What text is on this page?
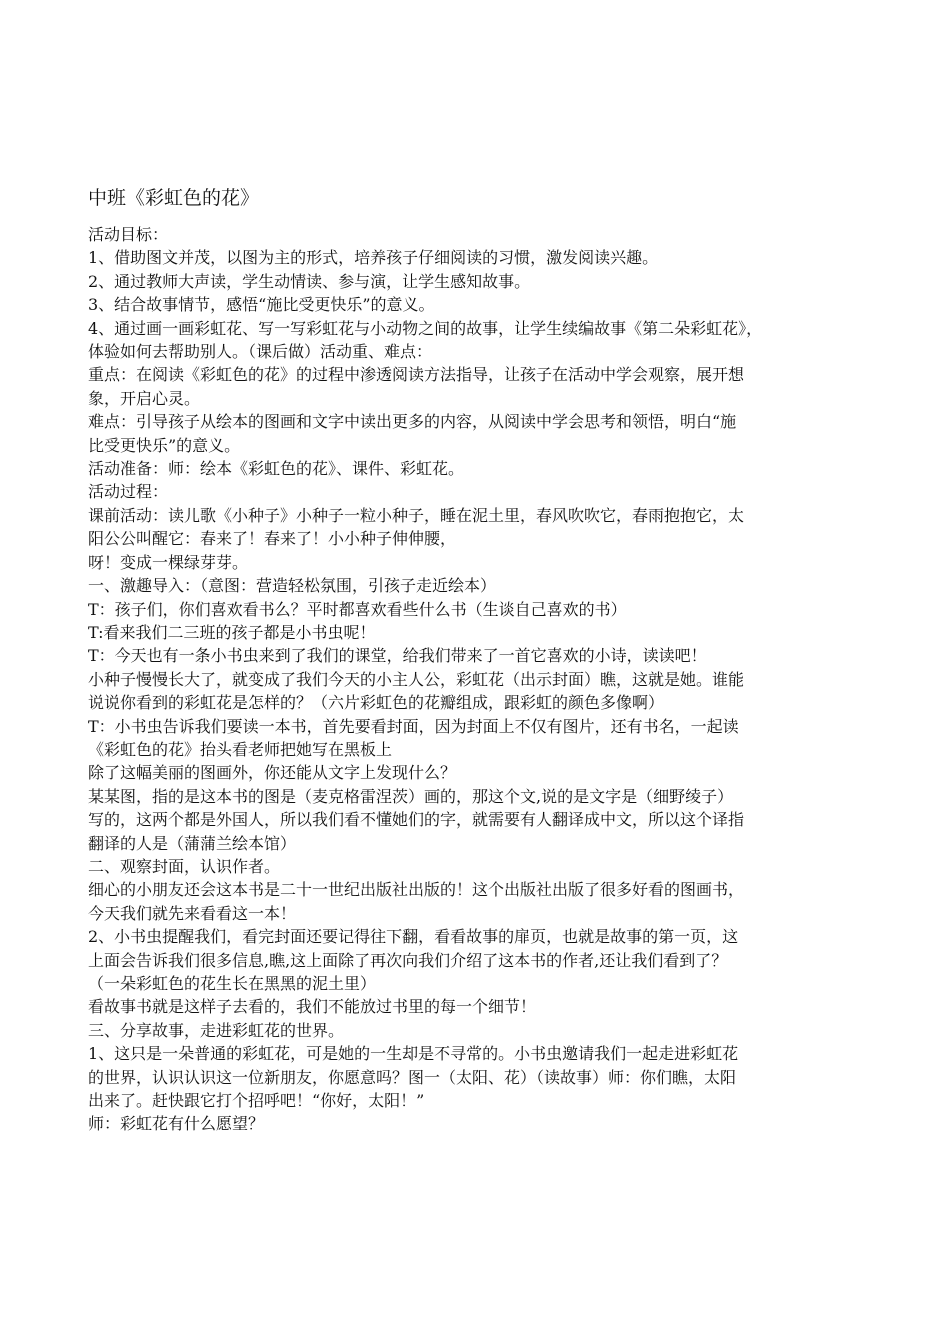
中班《彩虹色的花》

活动目标：

1、借助图文并茂，以图为主的形式，培养孩子仔细阅读的习惯，激发阅读兴趣。

2、通过教师大声读，学生动情读、参与演，让学生感知故事。

3、结合故事情节，感悟“施比受更快乐”的意义。

4、通过画一画彩虹花、写一写彩虹花与小动物之间的故事，让学生续编故事《第二朵彩虹花》，

体验如何去帮助别人。（课后做）活动重、难点：

重点：在阅读《彩虹色的花》的过程中渗透阅读方法指导，让孩子在活动中学会观察，展开想

象，开启心灵。

难点：引导孩子从绘本的图画和文字中读出更多的内容，从阅读中学会思考和领悟，明白“施

比受更快乐”的意义。

活动准备：师：绘本《彩虹色的花》、课件、彩虹花。

活动过程：

课前活动：读儿歌《小种子》小种子一粒小种子，睡在泥土里，春风吹吹它，春雨抱抱它，太

阳公公叫醒它：春来了！春来了！小小种子伸伸腰，

呀！变成一棵绿芽芽。

一、激趣导入：（意图：营造轻松氛围，引孩子走近绘本）

T：孩子们，你们喜欢看书么？平时都喜欢看些什么书（生谈自己喜欢的书）

T:看来我们二三班的孩子都是小书虫呢！

T：今天也有一条小书虫来到了我们的课堂，给我们带来了一首它喜欢的小诗，读读吧！

小种子慢慢长大了，就变成了我们今天的小主人公，彩虹花（出示封面）瞧，这就是她。谁能

说说你看到的彩虹花是怎样的？（六片彩虹色的花瓣组成，跟彩虹的颜色多像啊）

T：小书虫告诉我们要读一本书，首先要看封面，因为封面上不仅有图片，还有书名，一起读

《彩虹色的花》抬头看老师把她写在黑板上

除了这幅美丽的图画外，你还能从文字上发现什么？

某某图，指的是这本书的图是（麦克格雷涅茨）画的，那这个文,说的是文字是（细野绫子）

写的，这两个都是外国人，所以我们看不懂她们的字，就需要有人翻译成中文，所以这个译指

翻译的人是（蒲蒲兰绘本馆）

二、观察封面，认识作者。

细心的小朋友还会这本书是二十一世纪出版社出版的！这个出版社出版了很多好看的图画书，

今天我们就先来看看这一本！

2、小书虫提醒我们，看完封面还要记得往下翻，看看故事的扉页，也就是故事的第一页，这

上面会告诉我们很多信息,瞧,这上面除了再次向我们介绍了这本书的作者,还让我们看到了？

（一朵彩虹色的花生长在黑黑的泥土里）

看故事书就是这样子去看的，我们不能放过书里的每一个细节！

三、分享故事，走进彩虹花的世界。

1、这只是一朵普通的彩虹花，可是她的一生却是不寻常的。小书虫邀请我们一起走进彩虹花

的世界，认识认识这一位新朋友，你愿意吗？图一（太阳、花）（读故事）师：你们瞧，太阳

出来了。赶快跟它打个招呼吧！“你好，太阳！”

师：彩虹花有什么愿望？
